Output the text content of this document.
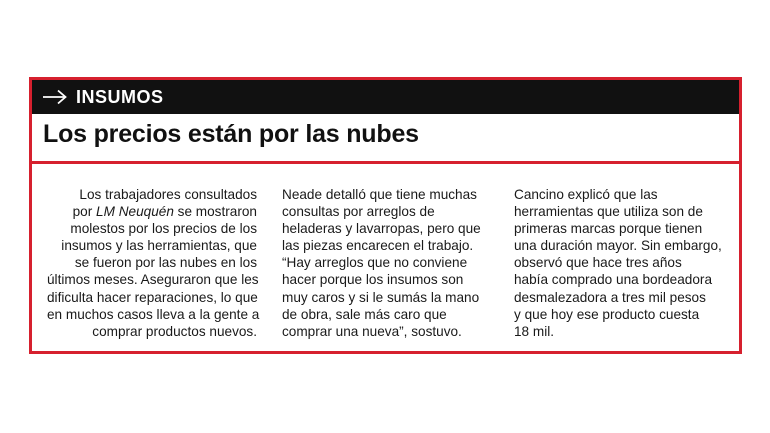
INSUMOS
Los precios están por las nubes
Los trabajadores consultados
por LM Neuquén se mostraron
molestos por los precios de los
insumos y las herramientas, que
se fueron por las nubes en los
últimos meses. Aseguraron que les
dificulta hacer reparaciones, lo que
en muchos casos lleva a la gente a
comprar productos nuevos.
Neade detalló que tiene muchas
consultas por arreglos de
heladeras y lavarropas, pero que
las piezas encarecen el trabajo.
“Hay arreglos que no conviene
hacer porque los insumos son
muy caros y si le sumás la mano
de obra, sale más caro que
comprar una nueva”, sostuvo.
Cancino explicó que las
herramientas que utiliza son de
primeras marcas porque tienen
una duración mayor. Sin embargo,
observó que hace tres años
había comprado una bordeadora
desmalezadora a tres mil pesos
y que hoy ese producto cuesta
18 mil.
